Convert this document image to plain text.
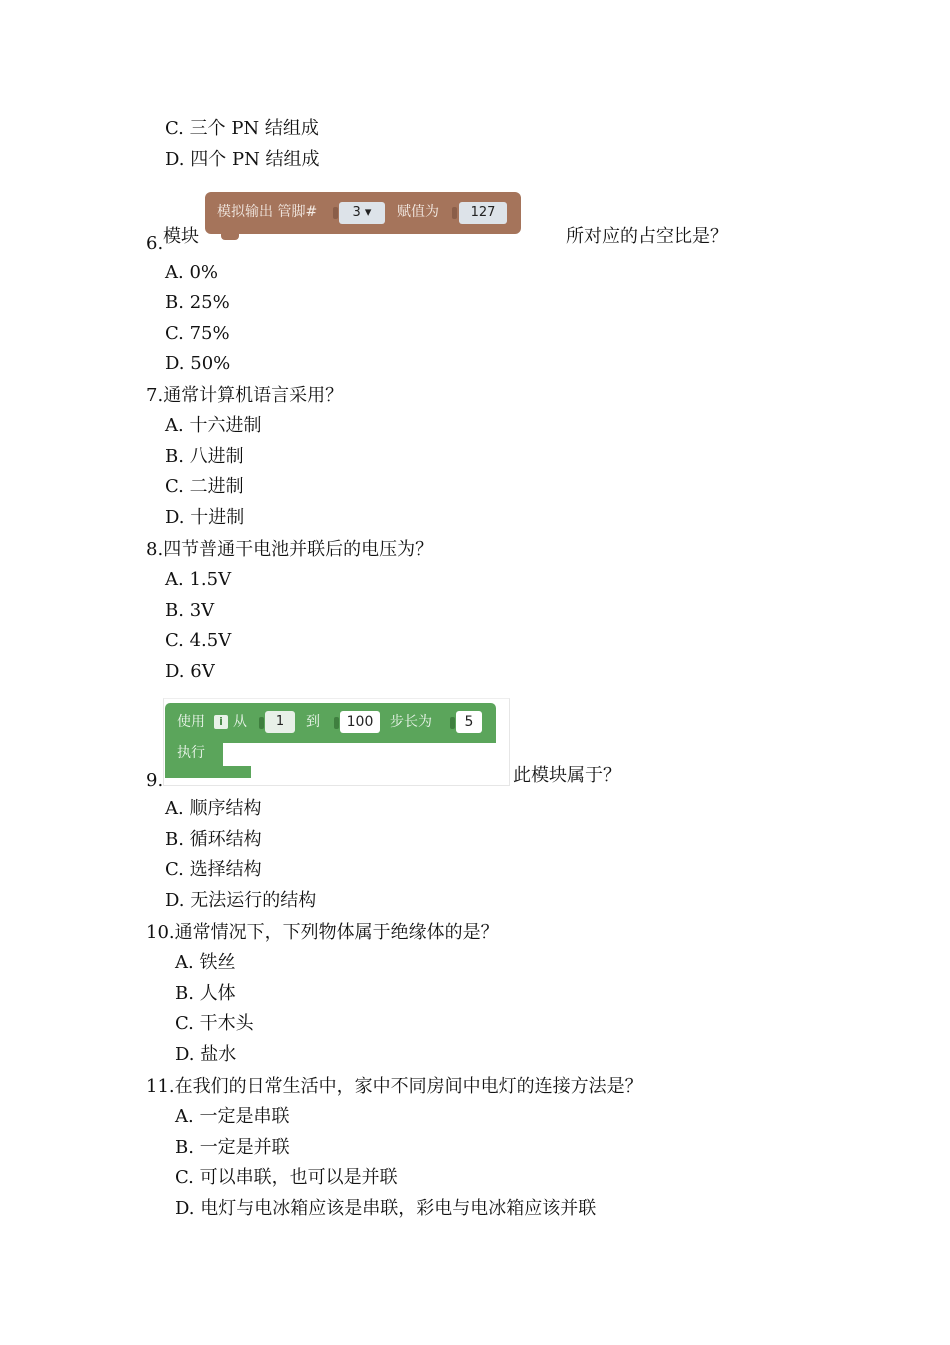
C. 三个 PN 结组成
D. 四个 PN 结组成
6. 模块
模拟输出 管脚#	3 ▾	赋值为	127
所对应的占空比是？
A. 0%
B. 25%
C. 75%
D. 50%
7.通常计算机语言采用？
A. 十六进制
B. 八进制
C. 二进制
D. 十进制
8.四节普通干电池并联后的电压为？
A. 1.5V
B. 3V
C. 4.5V
D. 6V
使用	i 从	1	到	100	步长为	5
执行
9.	此模块属于？
A. 顺序结构
B. 循环结构
C. 选择结构
D. 无法运行的结构
10.通常情况下，下列物体属于绝缘体的是？
A. 铁丝
B. 人体
C. 干木头
D. 盐水
11.在我们的日常生活中，家中不同房间中电灯的连接方法是？
A. 一定是串联
B. 一定是并联
C. 可以串联，也可以是并联
D. 电灯与电冰箱应该是串联，彩电与电冰箱应该并联
